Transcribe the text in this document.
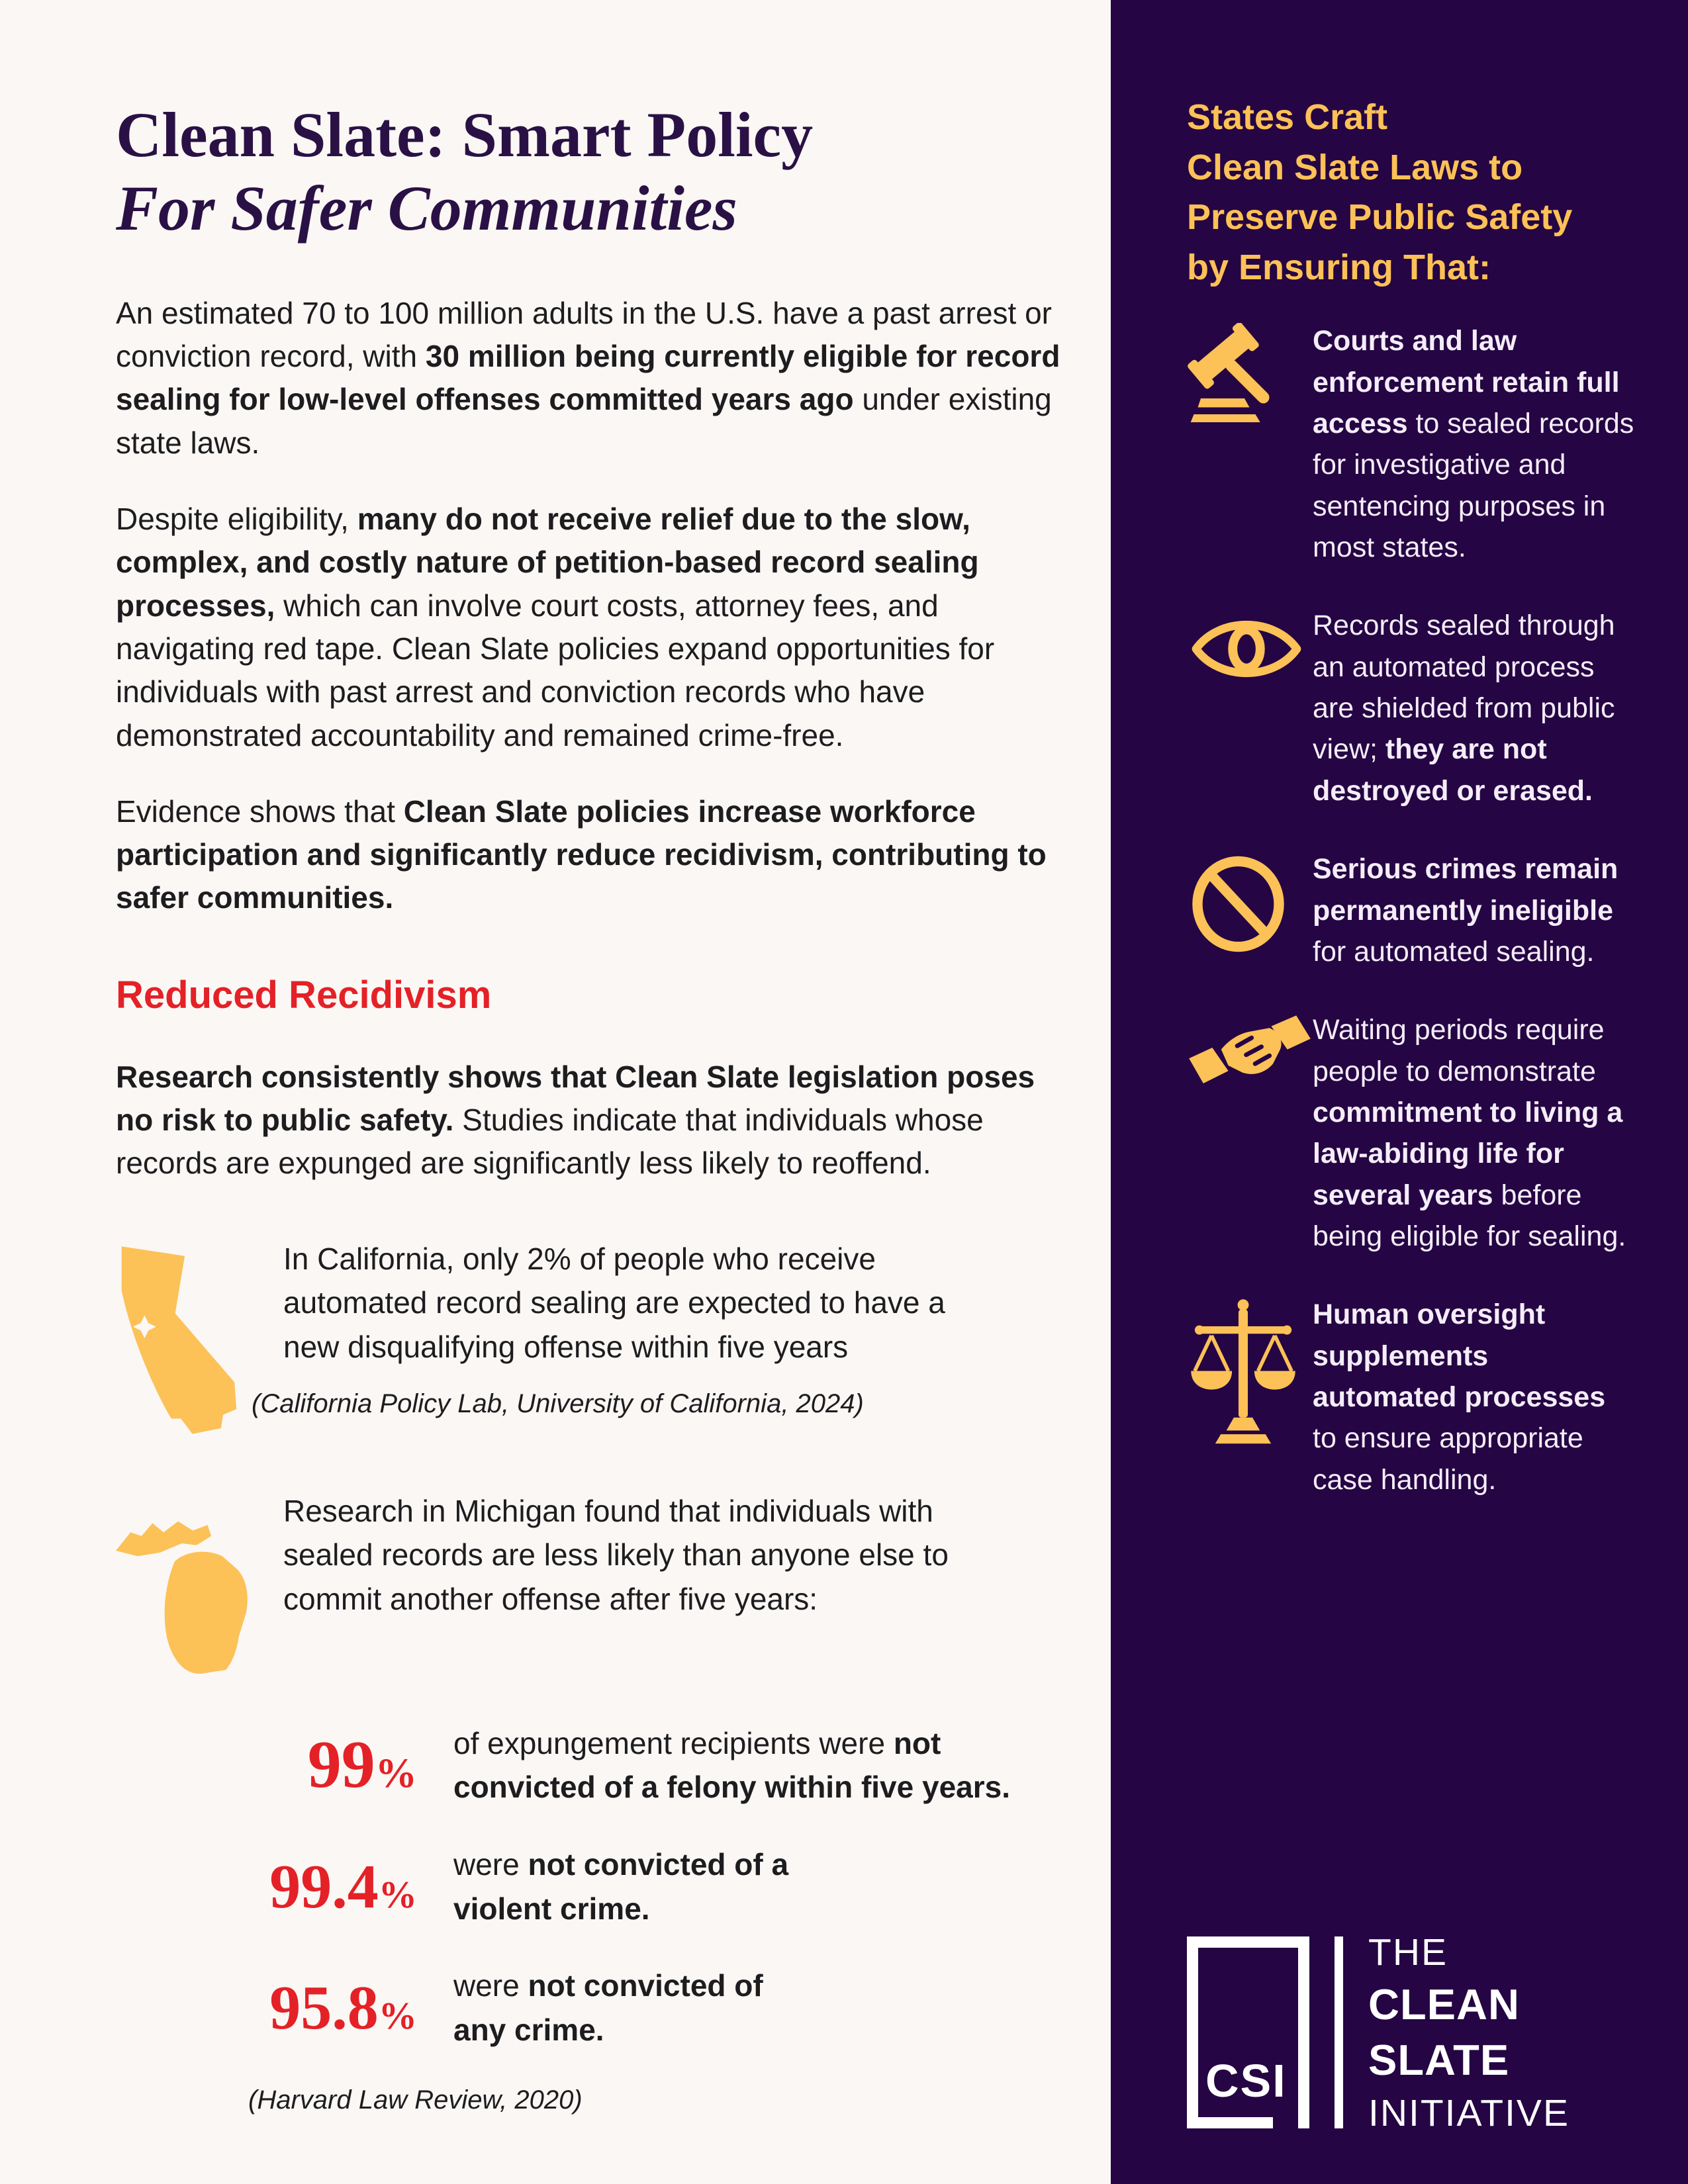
Clean Slate: Smart Policy
For Safer Communities

An estimated 70 to 100 million adults in the U.S. have a past arrest or conviction record, with 30 million being currently eligible for record sealing for low-level offenses committed years ago under existing state laws.

Despite eligibility, many do not receive relief due to the slow, complex, and costly nature of petition-based record sealing processes, which can involve court costs, attorney fees, and navigating red tape. Clean Slate policies expand opportunities for individuals with past arrest and conviction records who have demonstrated accountability and remained crime-free.

Evidence shows that Clean Slate policies increase workforce participation and significantly reduce recidivism, contributing to safer communities.

Reduced Recidivism

Research consistently shows that Clean Slate legislation poses no risk to public safety. Studies indicate that individuals whose records are expunged are significantly less likely to reoffend.

In California, only 2% of people who receive automated record sealing are expected to have a new disqualifying offense within five years
(California Policy Lab, University of California, 2024)
Research in Michigan found that individuals with sealed records are less likely than anyone else to commit another offense after five years:
99%
of expungement recipients were not
convicted of a felony within five years.
99.4%
were not convicted of a
violent crime.
95.8%
were not convicted of
any crime.
(Harvard Law Review, 2020)
States Craft
Clean Slate Laws to
Preserve Public Safety
by Ensuring That:
Courts and law enforcement retain full access to sealed records for investigative and sentencing purposes in most states.
Records sealed through an automated process are shielded from public view; they are not destroyed or erased.
Serious crimes remain permanently ineligible for automated sealing.
Waiting periods require people to demonstrate commitment to living a law-abiding life for several years before being eligible for sealing.
Human oversight supplements automated processes to ensure appropriate case handling.
CSI
THE
CLEAN SLATE
INITIATIVE
